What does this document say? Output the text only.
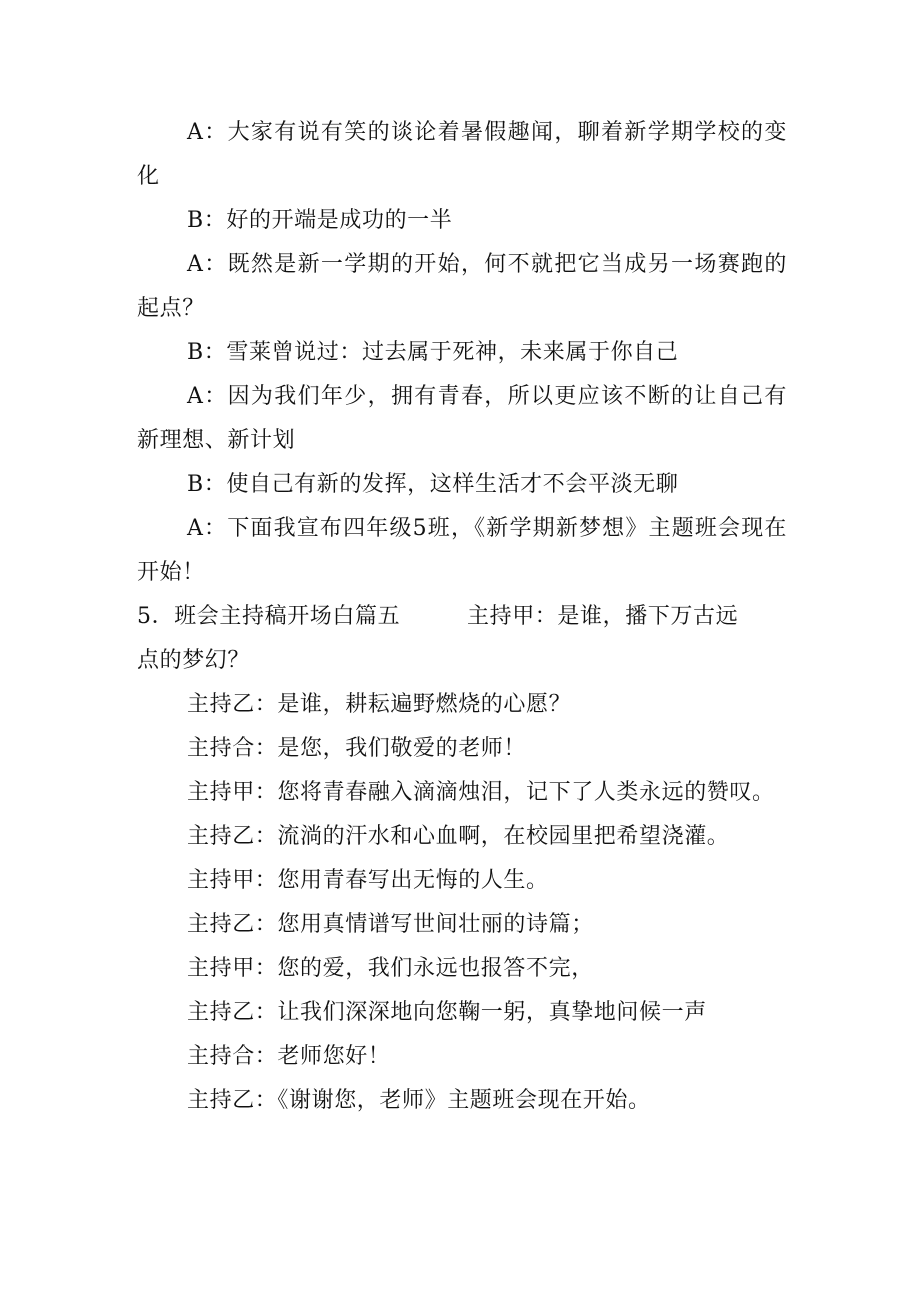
A：大家有说有笑的谈论着暑假趣闻，聊着新学期学校的变化

B：好的开端是成功的一半

A：既然是新一学期的开始，何不就把它当成另一场赛跑的起点？

B：雪莱曾说过：过去属于死神，未来属于你自己

A：因为我们年少，拥有青春，所以更应该不断的让自己有新理想、新计划

B：使自己有新的发挥，这样生活才不会平淡无聊

A：下面我宣布四年级5班，《新学期新梦想》主题班会现在开始！

5．班会主持稿开场白篇五	主持甲：是谁，播下万古远

点的梦幻？

主持乙：是谁，耕耘遍野燃烧的心愿？

主持合：是您，我们敬爱的老师！

主持甲：您将青春融入滴滴烛泪，记下了人类永远的赞叹。

主持乙：流淌的汗水和心血啊，在校园里把希望浇灌。

主持甲：您用青春写出无悔的人生。

主持乙：您用真情谱写世间壮丽的诗篇；

主持甲：您的爱，我们永远也报答不完，

主持乙：让我们深深地向您鞠一躬，真挚地问候一声

主持合：老师您好！

主持乙：《谢谢您，老师》主题班会现在开始。
